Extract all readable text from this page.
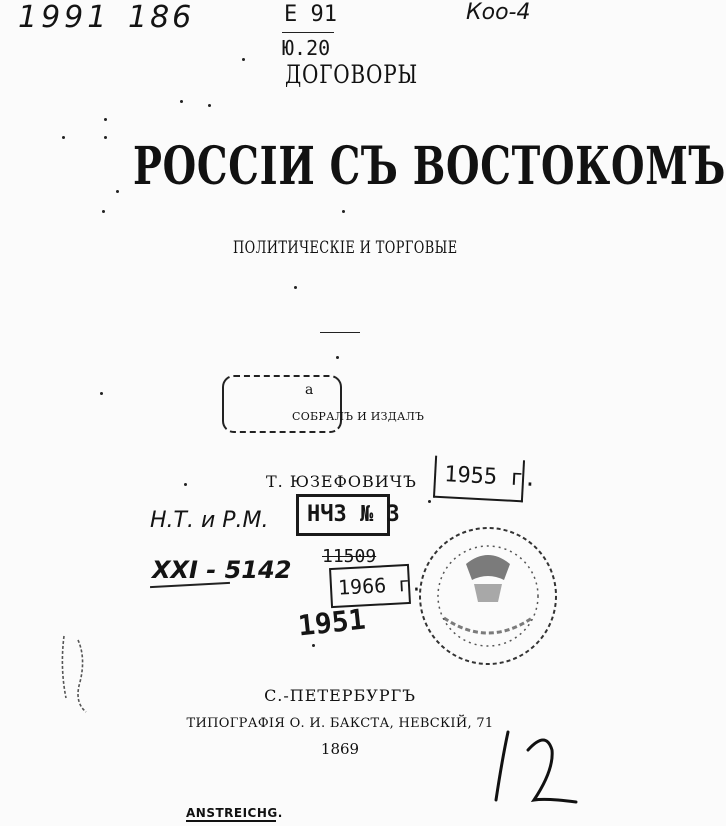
1991 186	Коо-4
Е 91
Ю.20
ДОГОВОРЫ
РОССІИ СЪ ВОСТОКОМЪ
ПОЛИТИЧЕСКІЕ И ТОРГОВЫЕ
а
СОБРАЛЪ И ИЗДАЛЪ
Т. ЮЗЕФОВИЧЪ 1955 г.
НЧЗ № 3
11509
1966 г.
1951
Н.Т. и Р.М.
XXI - 5142
С.-ПЕТЕРБУРГЪ
ТИПОГРАФІЯ О. И. БАКСТА, НЕВСКІЙ, 71
1869
ANSTREICHG.
